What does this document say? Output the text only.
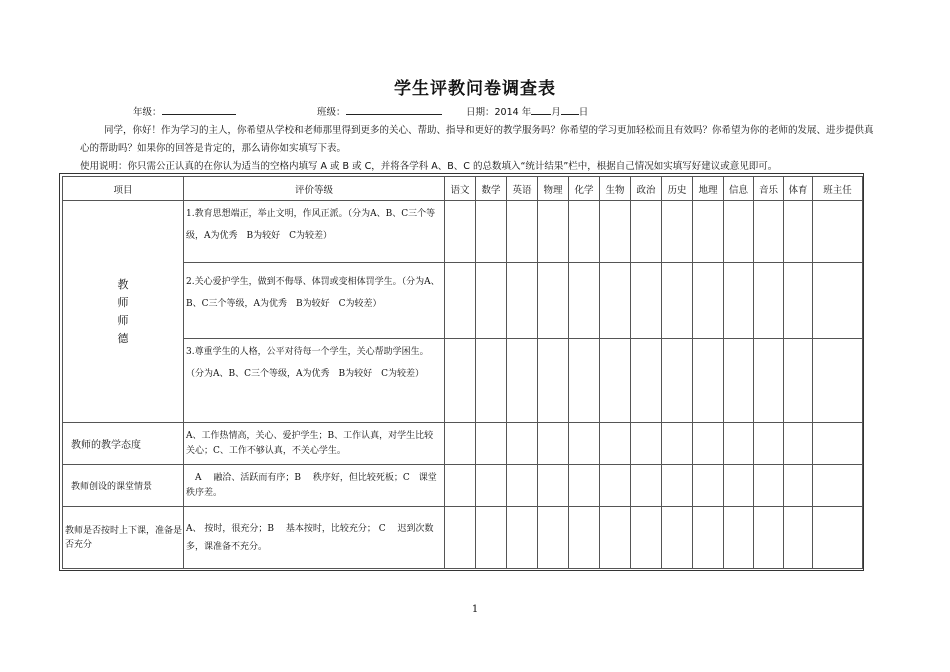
学生评教问卷调查表
年级：	班级：	日期：2014 年 月 日

同学，你好！作为学习的主人，你希望从学校和老师那里得到更多的关心、帮助、指导和更好的教学服务吗？你希望的学习更加轻松而且有效吗？你希望为你的老师的发展、进步提供真心的帮助吗？如果你的回答是肯定的，那么请你如实填写下表。

使用说明：你只需公正认真的在你认为适当的空格内填写 A 或 B 或 C，并将各学科 A、B、C 的总数填入“统计结果”栏中，根据自己情况如实填写好建议或意见即可。

项目	评价等级	语文	数学	英语	物理	化学	生物	政治	历史	地理	信息	音乐	体育	班主任

教
师
师
德	1.教育思想端正，举止文明，作风正派。（分为A、B、C三个等级，A为优秀　B为较好　C为较差）													
	2.关心爱护学生，做到不侮辱、体罚或变相体罚学生。（分为A、B、C三个等级，A为优秀　B为较好　C为较差）													
	3.尊重学生的人格，公平对待每一个学生，关心帮助学困生。（分为A、B、C三个等级，A为优秀　B为较好　C为较差）													
教师的教学态度	A、工作热情高，关心、爱护学生；B、工作认真，对学生比较关心；C、工作不够认真，不关心学生。													
教师创设的课堂情景	　A　 融洽、活跃而有序；B　 秩序好，但比较死板；C　课堂秩序差。													
教师是否按时上下课，准备是否充分	A、 按时，很充分；B　 基本按时，比较充分； C　 迟到次数多，课准备不充分。													
1
